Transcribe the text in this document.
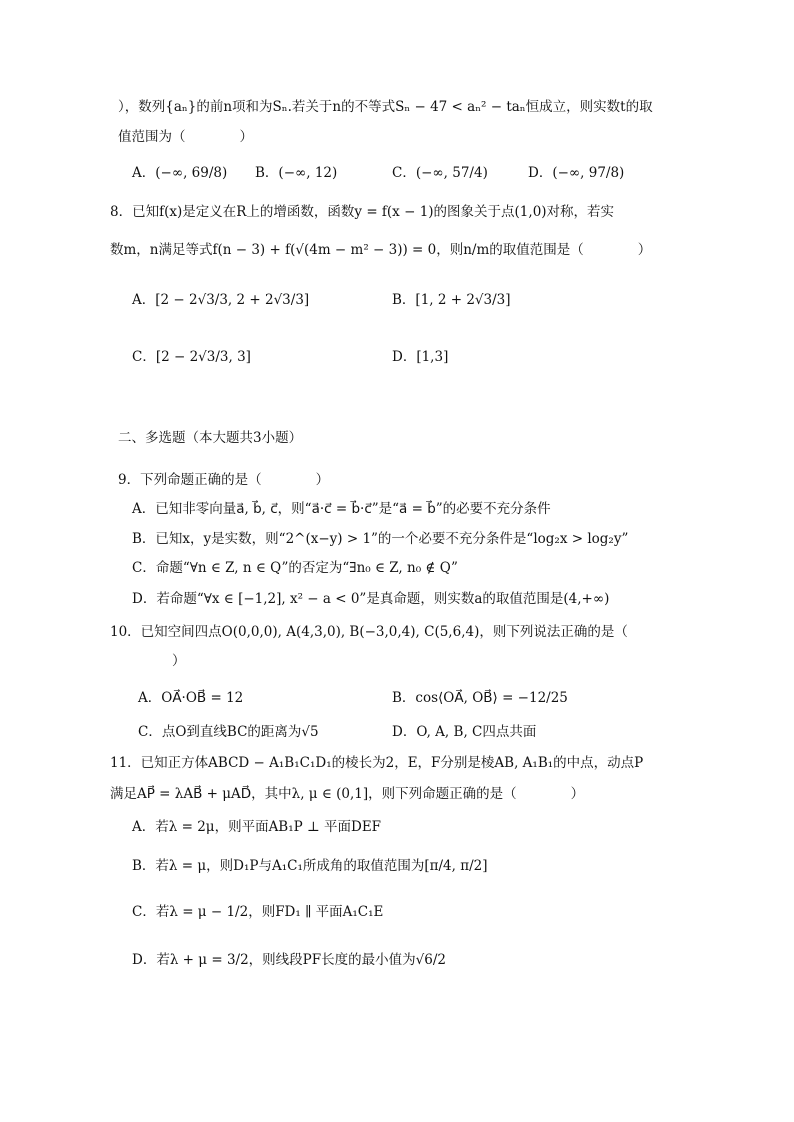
），数列{aₙ}的前n项和为Sₙ.若关于n的不等式Sₙ − 47 < aₙ² − taₙ恒成立，则实数t的取
值范围为（　　　　）
A．(−∞, 69/8) B．(−∞, 12)	C．(−∞, 57/4)	D．(−∞, 97/8)
8．已知f(x)是定义在R上的增函数，函数y = f(x − 1)的图象关于点(1,0)对称，若实
数m，n满足等式f(n − 3) + f(√(4m − m² − 3)) = 0，则n/m的取值范围是（　　　　）
A．[2 − 2√3/3, 2 + 2√3/3]	B．[1, 2 + 2√3/3]
C．[2 − 2√3/3, 3]	D．[1,3]
二、多选题（本大题共3小题）
9．下列命题正确的是（　　　　）
A．已知非零向量a⃗, b⃗, c⃗，则“a⃗·c⃗ = b⃗·c⃗”是“a⃗ = b⃗”的必要不充分条件
B．已知x，y是实数，则“2^(x−y) > 1”的一个必要不充分条件是“log₂x > log₂y”
C．命题“∀n ∈ Z, n ∈ Q”的否定为“∃n₀ ∈ Z, n₀ ∉ Q”
D．若命题“∀x ∈ [−1,2], x² − a < 0”是真命题，则实数a的取值范围是(4,+∞)
10．已知空间四点O(0,0,0), A(4,3,0), B(−3,0,4), C(5,6,4)，则下列说法正确的是（
　　　　）
A．OA⃗·OB⃗ = 12	B．cos⟨OA⃗, OB⃗⟩ = −12/25
C．点O到直线BC的距离为√5	D．O, A, B, C四点共面
11．已知正方体ABCD − A₁B₁C₁D₁的棱长为2，E，F分别是棱AB, A₁B₁的中点，动点P
满足AP⃗ = λAB⃗ + μAD⃗，其中λ, μ ∈ (0,1]，则下列命题正确的是（　　　　）
A．若λ = 2μ，则平面AB₁P ⊥ 平面DEF
B．若λ = μ，则D₁P与A₁C₁所成角的取值范围为[π/4, π/2]
C．若λ = μ − 1/2，则FD₁ ∥ 平面A₁C₁E
D．若λ + μ = 3/2，则线段PF长度的最小值为√6/2
